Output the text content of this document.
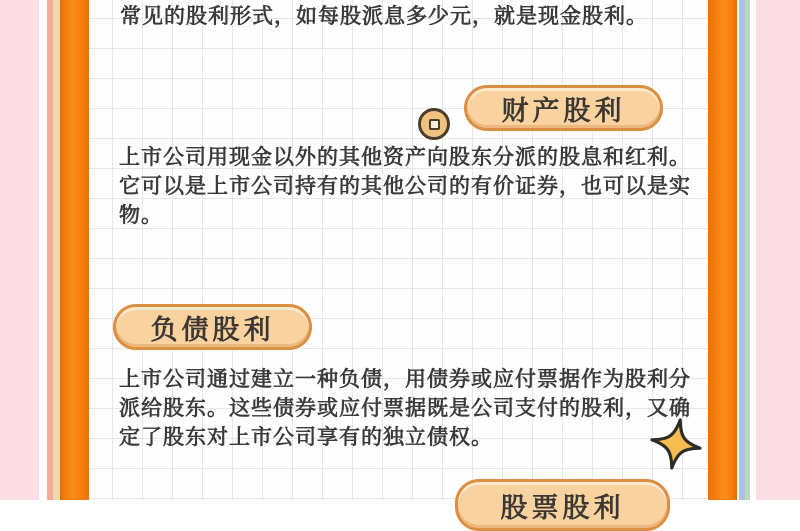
常见的股利形式，如每股派息多少元，就是现金股利。
财产股利
上市公司用现金以外的其他资产向股东分派的股息和红利。它可以是上市公司持有的其他公司的有价证券，也可以是实物。
负债股利
上市公司通过建立一种负债，用债券或应付票据作为股利分派给股东。这些债券或应付票据既是公司支付的股利，又确定了股东对上市公司享有的独立债权。
股票股利
